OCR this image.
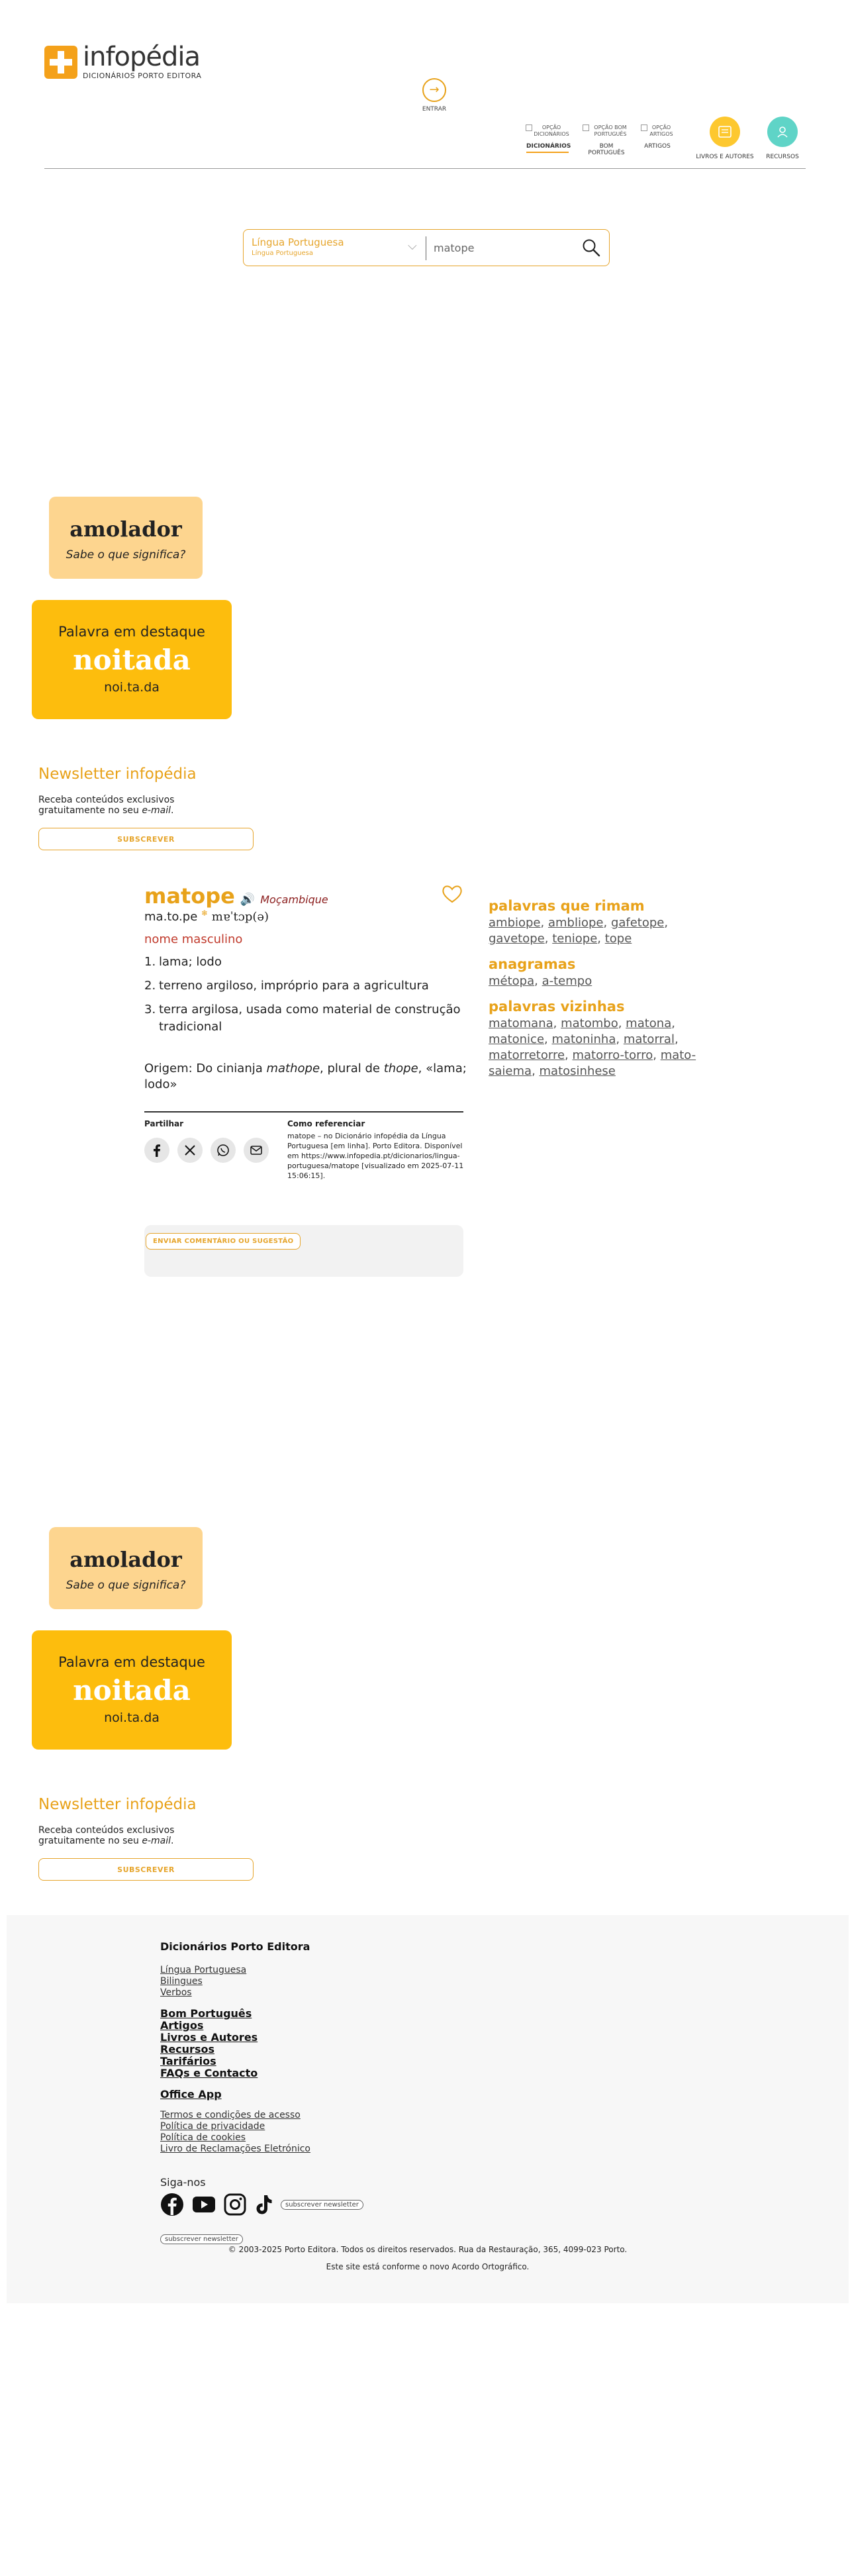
infopédia
DICIONÁRIOS PORTO EDITORA
→
ENTRAR
OPÇÃO DICIONÁRIOS
DICIONÁRIOS
OPÇÃO BOM PORTUGUÊS
BOM PORTUGUÊS
OPÇÃO ARTIGOS
ARTIGOS
LIVROS E AUTORES	RECURSOS
Língua Portuguesa
Língua Portuguesa
⌵
matope
amolador
Sabe o que significa?
Palavra em destaque
noitada
noi.ta.da
Newsletter infopédia
Receba conteúdos exclusivos gratuitamente no seu e-mail.
SUBSCREVER
matope 🔊 Moçambique
ma.to.pe ❄ mɐˈtɔp(ə)
nome masculino
1. lama; lodo
2. terreno argiloso, impróprio para a agricultura
3. terra argilosa, usada como material de construção tradicional
Origem: Do cinianja mathope, plural de thope, «lama; lodo»
Partilhar	Como referenciar
matope – no Dicionário infopédia da Língua Portuguesa [em linha]. Porto Editora. Disponível em https://www.infopedia.pt/dicionarios/lingua-portuguesa/matope [visualizado em 2025-07-11 15:06:15].
ENVIAR COMENTÁRIO OU SUGESTÃO
palavras que rimam
ambiope, ambliope, gafetope, gavetope, teniope, tope
anagramas
métopa, a-tempo
palavras vizinhas
matomana, matombo, matona, matonice, matoninha, matorral, matorretorre, matorro-torro, mato-saiema, matosinhese
amolador
Sabe o que significa?
Palavra em destaque
noitada
noi.ta.da
Newsletter infopédia
Receba conteúdos exclusivos gratuitamente no seu e-mail.
SUBSCREVER
Dicionários Porto Editora
Língua Portuguesa
Bilingues
Verbos
Bom Português
Artigos
Livros e Autores
Recursos
Tarifários
FAQs e Contacto
Office App
Termos e condições de acesso
Política de privacidade
Política de cookies
Livro de Reclamações Eletrónico
Siga-nos
subscrever newsletter
subscrever newsletter
© 2003-2025 Porto Editora. Todos os direitos reservados. Rua da Restauração, 365, 4099-023 Porto.
Este site está conforme o novo Acordo Ortográfico.
